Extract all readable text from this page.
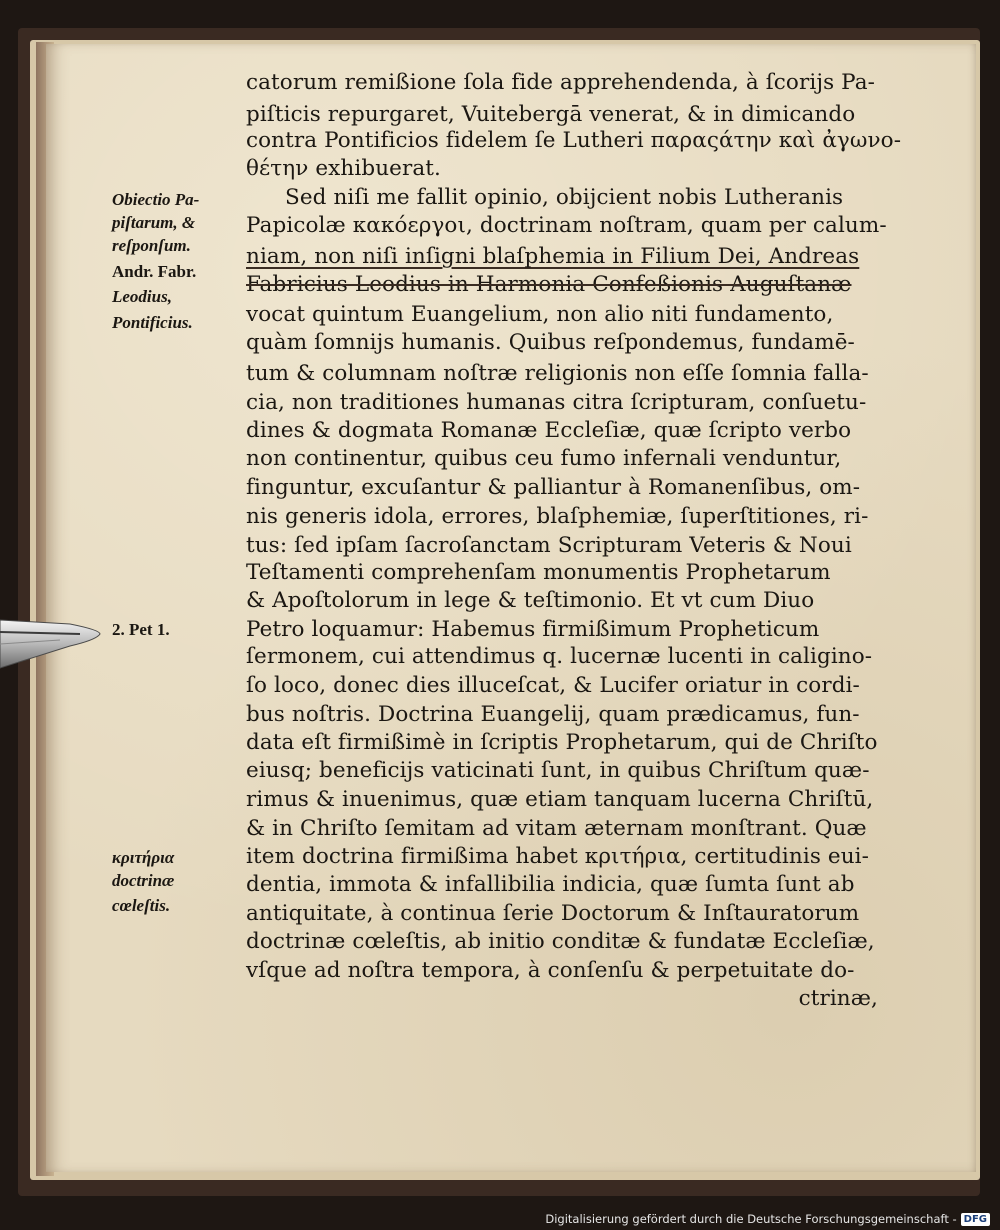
catorum remißione ſola fide apprehendenda, à ſcorijs Pa-
piſticis repurgaret, Vuitebergā venerat, & in dimicando
contra Pontificios fidelem ſe Lutheri παραςάτην καὶ ἀγωνο-
θέτην exhibuerat.
Sed niſi me fallit opinio, obijcient nobis Lutheranis
Papicolæ κακόεργοι, doctrinam noſtram, quam per calum-
niam, non niſi inſigni blaſphemia in Filium Dei, Andreas
Fabricius Leodius in Harmonia Confeßionis Auguſtanæ
vocat quintum Euangelium, non alio niti fundamento,
quàm ſomnijs humanis. Quibus reſpondemus, fundamē-
tum & columnam noſtræ religionis non eſſe ſomnia falla-
cia, non traditiones humanas citra ſcripturam, conſuetu-
dines & dogmata Romanæ Eccleſiæ, quæ ſcripto verbo
non continentur, quibus ceu fumo infernali venduntur,
finguntur, excuſantur & palliantur à Romanenſibus, om-
nis generis idola, errores, blaſphemiæ, ſuperſtitiones, ri-
tus: ſed ipſam ſacroſanctam Scripturam Veteris & Noui
Teſtamenti comprehenſam monumentis Prophetarum
& Apoſtolorum in lege & teſtimonio. Et vt cum Diuo
Petro loquamur: Habemus firmißimum Propheticum
ſermonem, cui attendimus q. lucernæ lucenti in caligino-
ſo loco, donec dies illuceſcat, & Lucifer oriatur in cordi-
bus noſtris. Doctrina Euangelij, quam prædicamus, fun-
data eſt firmißimè in ſcriptis Prophetarum, qui de Chriſto
eiusq; beneficijs vaticinati ſunt, in quibus Chriſtum quæ-
rimus & inuenimus, quæ etiam tanquam lucerna Chriſtū,
& in Chriſto ſemitam ad vitam æternam monſtrant. Quæ
item doctrina firmißima habet κριτήρια, certitudinis eui-
dentia, immota & infallibilia indicia, quæ ſumta ſunt ab
antiquitate, à continua ſerie Doctorum & Inſtauratorum
doctrinæ cœleſtis, ab initio conditæ & fundatæ Eccleſiæ,
vſque ad noſtra tempora, à conſenſu & perpetuitate do-
ctrinæ,
Obiectio Pa-
piſtarum, &
reſponſum.
Andr. Fabr.
Leodius,
Pontificius.
2. Pet 1.
κριτήρια
doctrinæ
cœleſtis.
Digitalisierung gefördert durch die Deutsche Forschungsgemeinschaft - DFG
